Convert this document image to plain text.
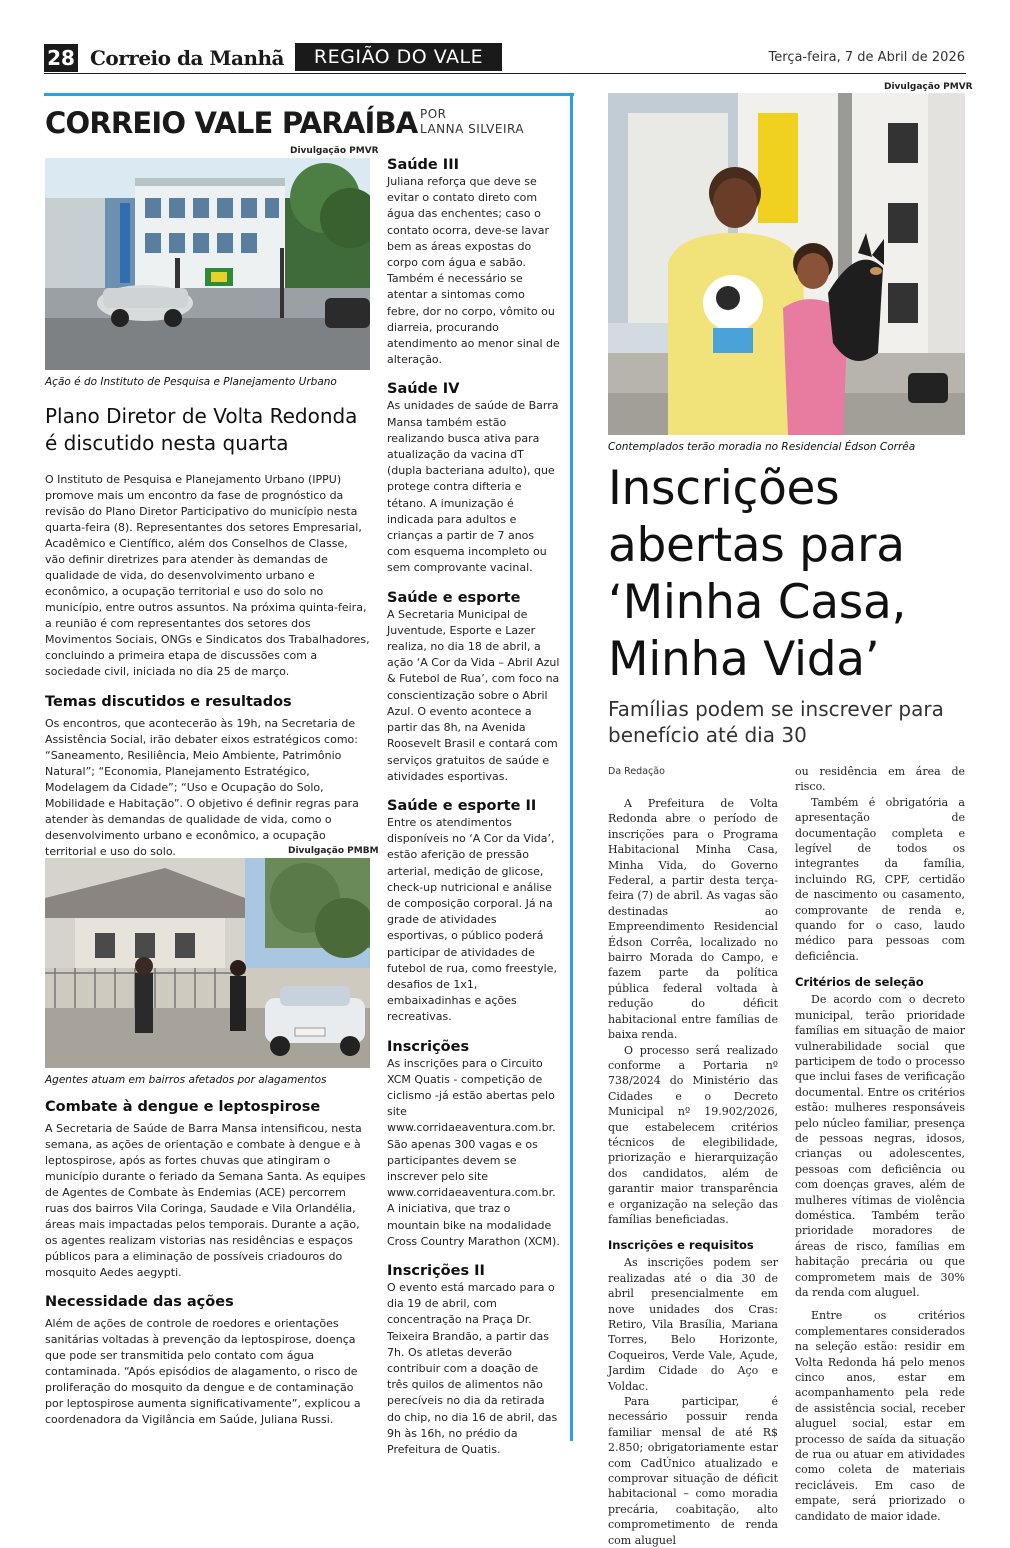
28 Correio da Manhã	REGIÃO DO VALE	Terça-feira, 7 de Abril de 2026
CORREIO VALE PARAÍBA POR
LANNA SILVEIRA
Divulgação PMVR
Ação é do Instituto de Pesquisa e Planejamento Urbano
Plano Diretor de Volta Redonda é discutido nesta quarta
O Instituto de Pesquisa e Planejamento Urbano (IPPU) promove mais um encontro da fase de prognóstico da revisão do Plano Diretor Participativo do município nesta quarta-feira (8). Representantes dos setores Empresarial, Acadêmico e Científico, além dos Conselhos de Classe, vão definir diretrizes para atender às demandas de qualidade de vida, do desenvolvimento urbano e econômico, a ocupação territorial e uso do solo no município, entre outros assuntos. Na próxima quinta-feira, a reunião é com representantes dos setores dos Movimentos Sociais, ONGs e Sindicatos dos Trabalhadores, concluindo a primeira etapa de discussões com a sociedade civil, iniciada no dia 25 de março.
Temas discutidos e resultados
Os encontros, que acontecerão às 19h, na Secretaria de Assistência Social, irão debater eixos estratégicos como: “Saneamento, Resiliência, Meio Ambiente, Patrimônio Natural”; “Economia, Planejamento Estratégico, Modelagem da Cidade”; “Uso e Ocupação do Solo, Mobilidade e Habitação”. O objetivo é definir regras para atender às demandas de qualidade de vida, como o desenvolvimento urbano e econômico, a ocupação territorial e uso do solo.	Divulgação PMBM
Agentes atuam em bairros afetados por alagamentos
Combate à dengue e leptospirose
A Secretaria de Saúde de Barra Mansa intensificou, nesta semana, as ações de orientação e combate à dengue e à leptospirose, após as fortes chuvas que atingiram o município durante o feriado da Semana Santa. As equipes de Agentes de Combate às Endemias (ACE) percorrem ruas dos bairros Vila Coringa, Saudade e Vila Orlandélia, áreas mais impactadas pelos temporais. Durante a ação, os agentes realizam vistorias nas residências e espaços públicos para a eliminação de possíveis criadouros do mosquito Aedes aegypti.
Necessidade das ações
Além de ações de controle de roedores e orientações sanitárias voltadas à prevenção da leptospirose, doença que pode ser transmitida pelo contato com água contaminada. “Após episódios de alagamento, o risco de proliferação do mosquito da dengue e de contaminação por leptospirose aumenta significativamente”, explicou a coordenadora da Vigilância em Saúde, Juliana Russi.
Saúde III
Juliana reforça que deve se evitar o contato direto com água das enchentes; caso o contato ocorra, deve-se lavar bem as áreas expostas do corpo com água e sabão. Também é necessário se atentar a sintomas como febre, dor no corpo, vômito ou diarreia, procurando atendimento ao menor sinal de alteração.
Saúde IV
As unidades de saúde de Barra Mansa também estão realizando busca ativa para atualização da vacina dT (dupla bacteriana adulto), que protege contra difteria e tétano. A imunização é indicada para adultos e crianças a partir de 7 anos com esquema incompleto ou sem comprovante vacinal.
Saúde e esporte
A Secretaria Municipal de Juventude, Esporte e Lazer realiza, no dia 18 de abril, a ação ‘A Cor da Vida – Abril Azul & Futebol de Rua’, com foco na conscientização sobre o Abril Azul. O evento acontece a partir das 8h, na Avenida Roosevelt Brasil e contará com serviços gratuitos de saúde e atividades esportivas.
Saúde e esporte II
Entre os atendimentos disponíveis no ‘A Cor da Vida’, estão aferição de pressão arterial, medição de glicose, check-up nutricional e análise de composição corporal. Já na grade de atividades esportivas, o público poderá participar de atividades de futebol de rua, como freestyle, desafios de 1x1, embaixadinhas e ações recreativas.
Inscrições
As inscrições para o Circuito XCM Quatis - competição de ciclismo -já estão abertas pelo site www.corridaeaventura.com.br. São apenas 300 vagas e os participantes devem se inscrever pelo site www.corridaeaventura.com.br. A iniciativa, que traz o mountain bike na modalidade Cross Country Marathon (XCM).
Inscrições II
O evento está marcado para o dia 19 de abril, com concentração na Praça Dr. Teixeira Brandão, a partir das 7h. Os atletas deverão contribuir com a doação de três quilos de alimentos não perecíveis no dia da retirada do chip, no dia 16 de abril, das 9h às 16h, no prédio da Prefeitura de Quatis.
Divulgação PMVR
Contemplados terão moradia no Residencial Édson Corrêa
Inscrições abertas para ‘Minha Casa, Minha Vida’
Famílias podem se inscrever para benefício até dia 30
Da Redação

A Prefeitura de Volta Redonda abre o período de inscrições para o Programa Habitacional Minha Casa, Minha Vida, do Governo Federal, a partir desta terça-feira (7) de abril. As vagas são destinadas ao Empreendimento Residencial Édson Corrêa, localizado no bairro Morada do Campo, e fazem parte da política pública federal voltada à redução do déficit habitacional entre famílias de baixa renda.

O processo será realizado conforme a Portaria nº 738/2024 do Ministério das Cidades e o Decreto Municipal nº 19.902/2026, que estabelecem critérios técnicos de elegibilidade, priorização e hierarquização dos candidatos, além de garantir maior transparência e organização na seleção das famílias beneficiadas.

Inscrições e requisitos

As inscrições podem ser realizadas até o dia 30 de abril presencialmente em nove unidades dos Cras: Retiro, Vila Brasília, Mariana Torres, Belo Horizonte, Coqueiros, Verde Vale, Açude, Jardim Cidade do Aço e Voldac.

Para participar, é necessário possuir renda familiar mensal de até R$ 2.850; obrigatoriamente estar com CadÚnico atualizado e comprovar situação de déficit habitacional – como moradia precária, coabitação, alto comprometimento de renda com aluguel

ou residência em área de risco.

Também é obrigatória a apresentação de documentação completa e legível de todos os integrantes da família, incluindo RG, CPF, certidão de nascimento ou casamento, comprovante de renda e, quando for o caso, laudo médico para pessoas com deficiência.

Critérios de seleção

De acordo com o decreto municipal, terão prioridade famílias em situação de maior vulnerabilidade social que participem de todo o processo que inclui fases de verificação documental. Entre os critérios estão: mulheres responsáveis pelo núcleo familiar, presença de pessoas negras, idosos, crianças ou adolescentes, pessoas com deficiência ou com doenças graves, além de mulheres vítimas de violência doméstica. Também terão prioridade moradores de áreas de risco, famílias em habitação precária ou que comprometem mais de 30% da renda com aluguel.

Entre os critérios complementares considerados na seleção estão: residir em Volta Redonda há pelo menos cinco anos, estar em acompanhamento pela rede de assistência social, receber aluguel social, estar em processo de saída da situação de rua ou atuar em atividades como coleta de materiais recicláveis. Em caso de empate, será priorizado o candidato de maior idade.
